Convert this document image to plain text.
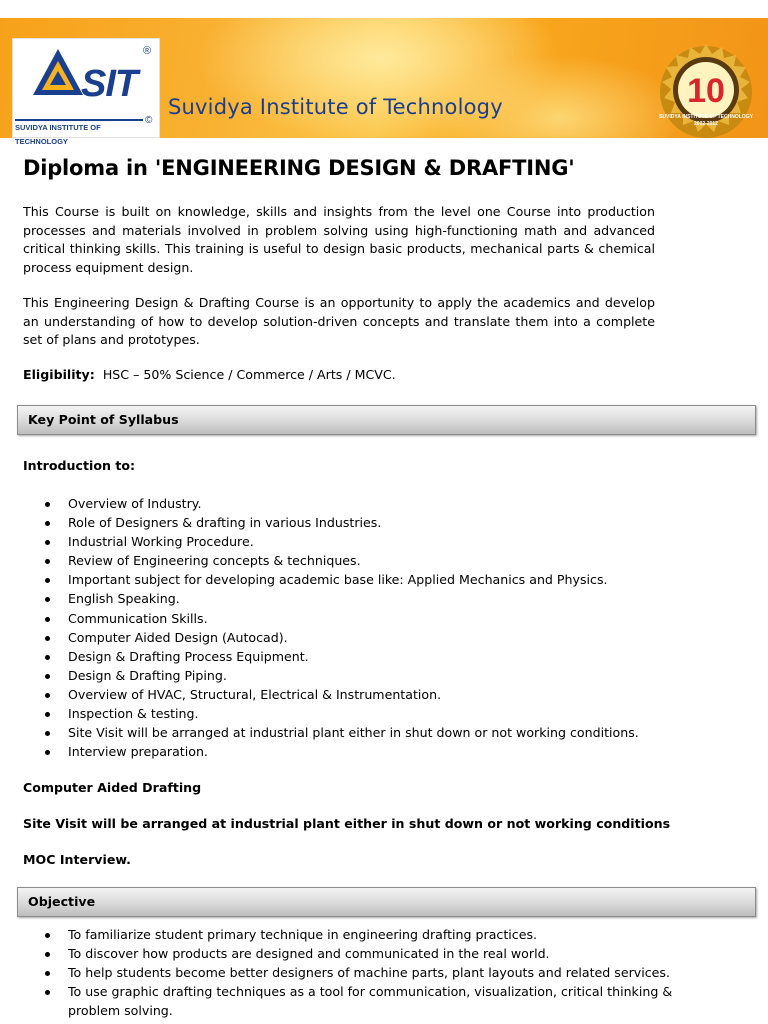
SIT
®
©
SUVIDYA INSTITUTE OF TECHNOLOGY
Suvidya Institute of Technology	10
SUVIDYA INSTITUTE OF TECHNOLOGY
2002-2012
Diploma in 'ENGINEERING DESIGN & DRAFTING'
This Course is built on knowledge, skills and insights from the level one Course into production processes and materials involved in problem solving using high-functioning math and advanced critical thinking skills. This training is useful to design basic products, mechanical parts & chemical process equipment design.
This Engineering Design & Drafting Course is an opportunity to apply the academics and develop an understanding of how to develop solution-driven concepts and translate them into a complete set of plans and prototypes.
Eligibility: HSC – 50% Science / Commerce / Arts / MCVC.
Key Point of Syllabus
Introduction to:
Overview of Industry.
Role of Designers & drafting in various Industries.
Industrial Working Procedure.
Review of Engineering concepts & techniques.
Important subject for developing academic base like: Applied Mechanics and Physics.
English Speaking.
Communication Skills.
Computer Aided Design (Autocad).
Design & Drafting Process Equipment.
Design & Drafting Piping.
Overview of HVAC, Structural, Electrical & Instrumentation.
Inspection & testing.
Site Visit will be arranged at industrial plant either in shut down or not working conditions.
Interview preparation.
Computer Aided Drafting
Site Visit will be arranged at industrial plant either in shut down or not working conditions
MOC Interview.
Objective
To familiarize student primary technique in engineering drafting practices.
To discover how products are designed and communicated in the real world.
To help students become better designers of machine parts, plant layouts and related services.
To use graphic drafting techniques as a tool for communication, visualization, critical thinking & problem solving.
